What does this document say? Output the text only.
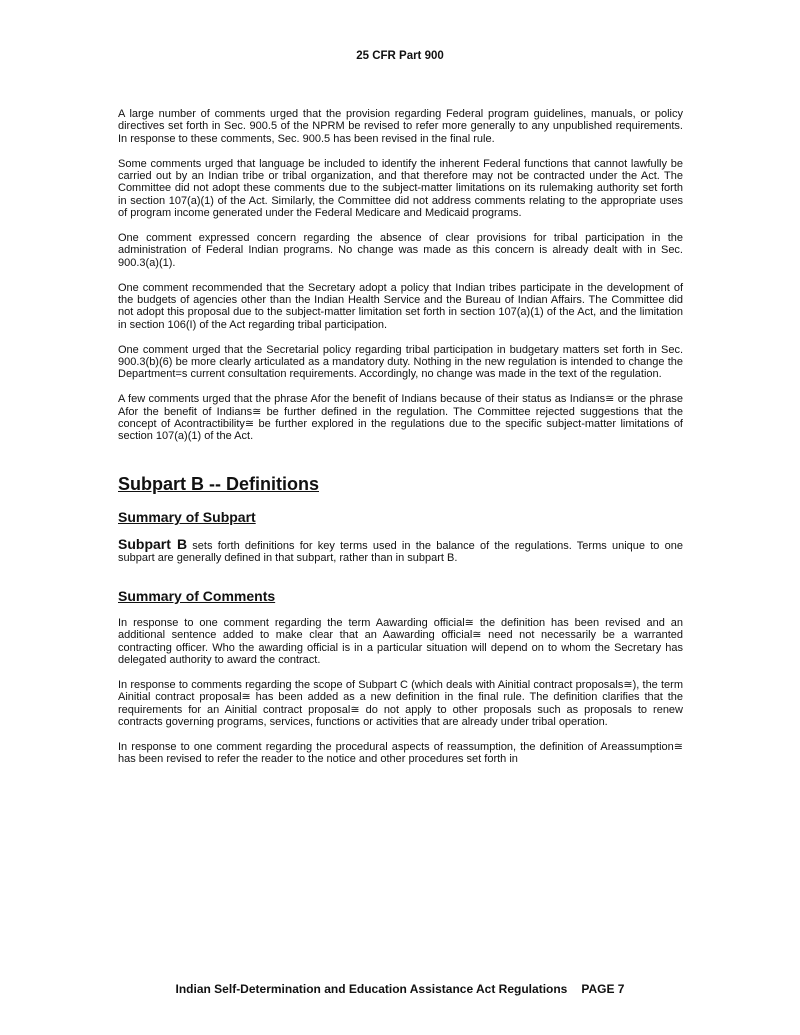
25 CFR Part 900

A large number of comments urged that the provision regarding Federal program guidelines, manuals, or policy directives set forth in Sec. 900.5 of the NPRM be revised to refer more generally to any unpublished requirements. In response to these comments, Sec. 900.5 has been revised in the final rule.

Some comments urged that language be included to identify the inherent Federal functions that cannot lawfully be carried out by an Indian tribe or tribal organization, and that therefore may not be contracted under the Act. The Committee did not adopt these comments due to the subject-matter limitations on its rulemaking authority set forth in section 107(a)(1) of the Act. Similarly, the Committee did not address comments relating to the appropriate uses of program income generated under the Federal Medicare and Medicaid programs.

One comment expressed concern regarding the absence of clear provisions for tribal participation in the administration of Federal Indian programs. No change was made as this concern is already dealt with in Sec. 900.3(a)(1).

One comment recommended that the Secretary adopt a policy that Indian tribes participate in the development of the budgets of agencies other than the Indian Health Service and the Bureau of Indian Affairs. The Committee did not adopt this proposal due to the subject-matter limitation set forth in section 107(a)(1) of the Act, and the limitation in section 106(I) of the Act regarding tribal participation.

One comment urged that the Secretarial policy regarding tribal participation in budgetary matters set forth in Sec. 900.3(b)(6) be more clearly articulated as a mandatory duty. Nothing in the new regulation is intended to change the Department=s current consultation requirements. Accordingly, no change was made in the text of the regulation.

A few comments urged that the phrase Afor the benefit of Indians because of their status as Indians≅ or the phrase Afor the benefit of Indians≅ be further defined in the regulation. The Committee rejected suggestions that the concept of Acontractibility≅ be further explored in the regulations due to the specific subject-matter limitations of section 107(a)(1) of the Act.

Subpart B -- Definitions
Summary of Subpart

Subpart B sets forth definitions for key terms used in the balance of the regulations. Terms unique to one subpart are generally defined in that subpart, rather than in subpart B.

Summary of Comments

In response to one comment regarding the term Aawarding official≅ the definition has been revised and an additional sentence added to make clear that an Aawarding official≅ need not necessarily be a warranted contracting officer. Who the awarding official is in a particular situation will depend on to whom the Secretary has delegated authority to award the contract.

In response to comments regarding the scope of Subpart C (which deals with Ainitial contract proposals≅), the term Ainitial contract proposal≅ has been added as a new definition in the final rule. The definition clarifies that the requirements for an Ainitial contract proposal≅ do not apply to other proposals such as proposals to renew contracts governing programs, services, functions or activities that are already under tribal operation.

In response to one comment regarding the procedural aspects of reassumption, the definition of Areassumption≅ has been revised to refer the reader to the notice and other procedures set forth in

Indian Self-Determination and Education Assistance Act Regulations PAGE 7
